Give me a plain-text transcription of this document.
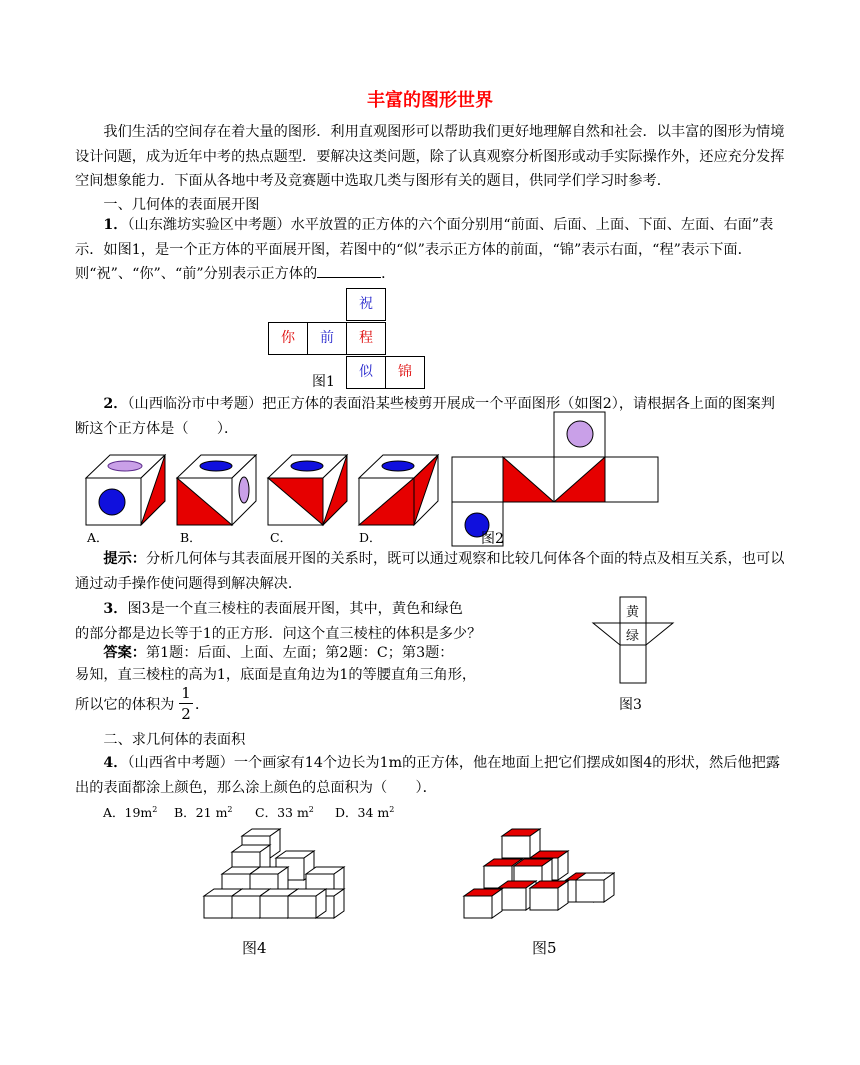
丰富的图形世界
我们生活的空间存在着大量的图形．利用直观图形可以帮助我们更好地理解自然和社会．以丰富的图形为情境设计问题，成为近年中考的热点题型．要解决这类问题，除了认真观察分析图形或动手实际操作外，还应充分发挥空间想象能力．下面从各地中考及竞赛题中选取几类与图形有关的题目，供同学们学习时参考．
一、几何体的表面展开图
1．（山东潍坊实验区中考题）水平放置的正方体的六个面分别用“前面、后面、上面、下面、左面、右面”表示．如图1，是一个正方体的平面展开图，若图中的“似”表示正方体的前面，“锦”表示右面，“程”表示下面．则“祝”、“你”、“前”分别表示正方体的	．
祝
你	前	程
似	锦
图1
2．（山西临汾市中考题）把正方体的表面沿某些棱剪开展成一个平面图形（如图2），请根据各上面的图案判断这个正方体是（　　）．
A．	B．	C．	D．	图2
提示：分析几何体与其表面展开图的关系时，既可以通过观察和比较几何体各个面的特点及相互关系，也可以通过动手操作使问题得到解决解决．
3．图3是一个直三棱柱的表面展开图，其中，黄色和绿色
的部分都是边长等于1的正方形．问这个直三棱柱的体积是多少？
黄
绿
图3
答案：第1题：后面、上面、左面；第2题：C；第3题：
易知，直三棱柱的高为1，底面是直角边为1的等腰直角三角形，
所以它的体积为
1
2 ．
二、求几何体的表面积
4．（山西省中考题）一个画家有14个边长为1m的正方体，他在地面上把它们摆成如图4的形状，然后他把露出的表面都涂上颜色，那么涂上颜色的总面积为（　　）．
A．$19m^2$ B．21 $m^2$ C．33 $m^2$ D．34 $m^2$
图4	图5
